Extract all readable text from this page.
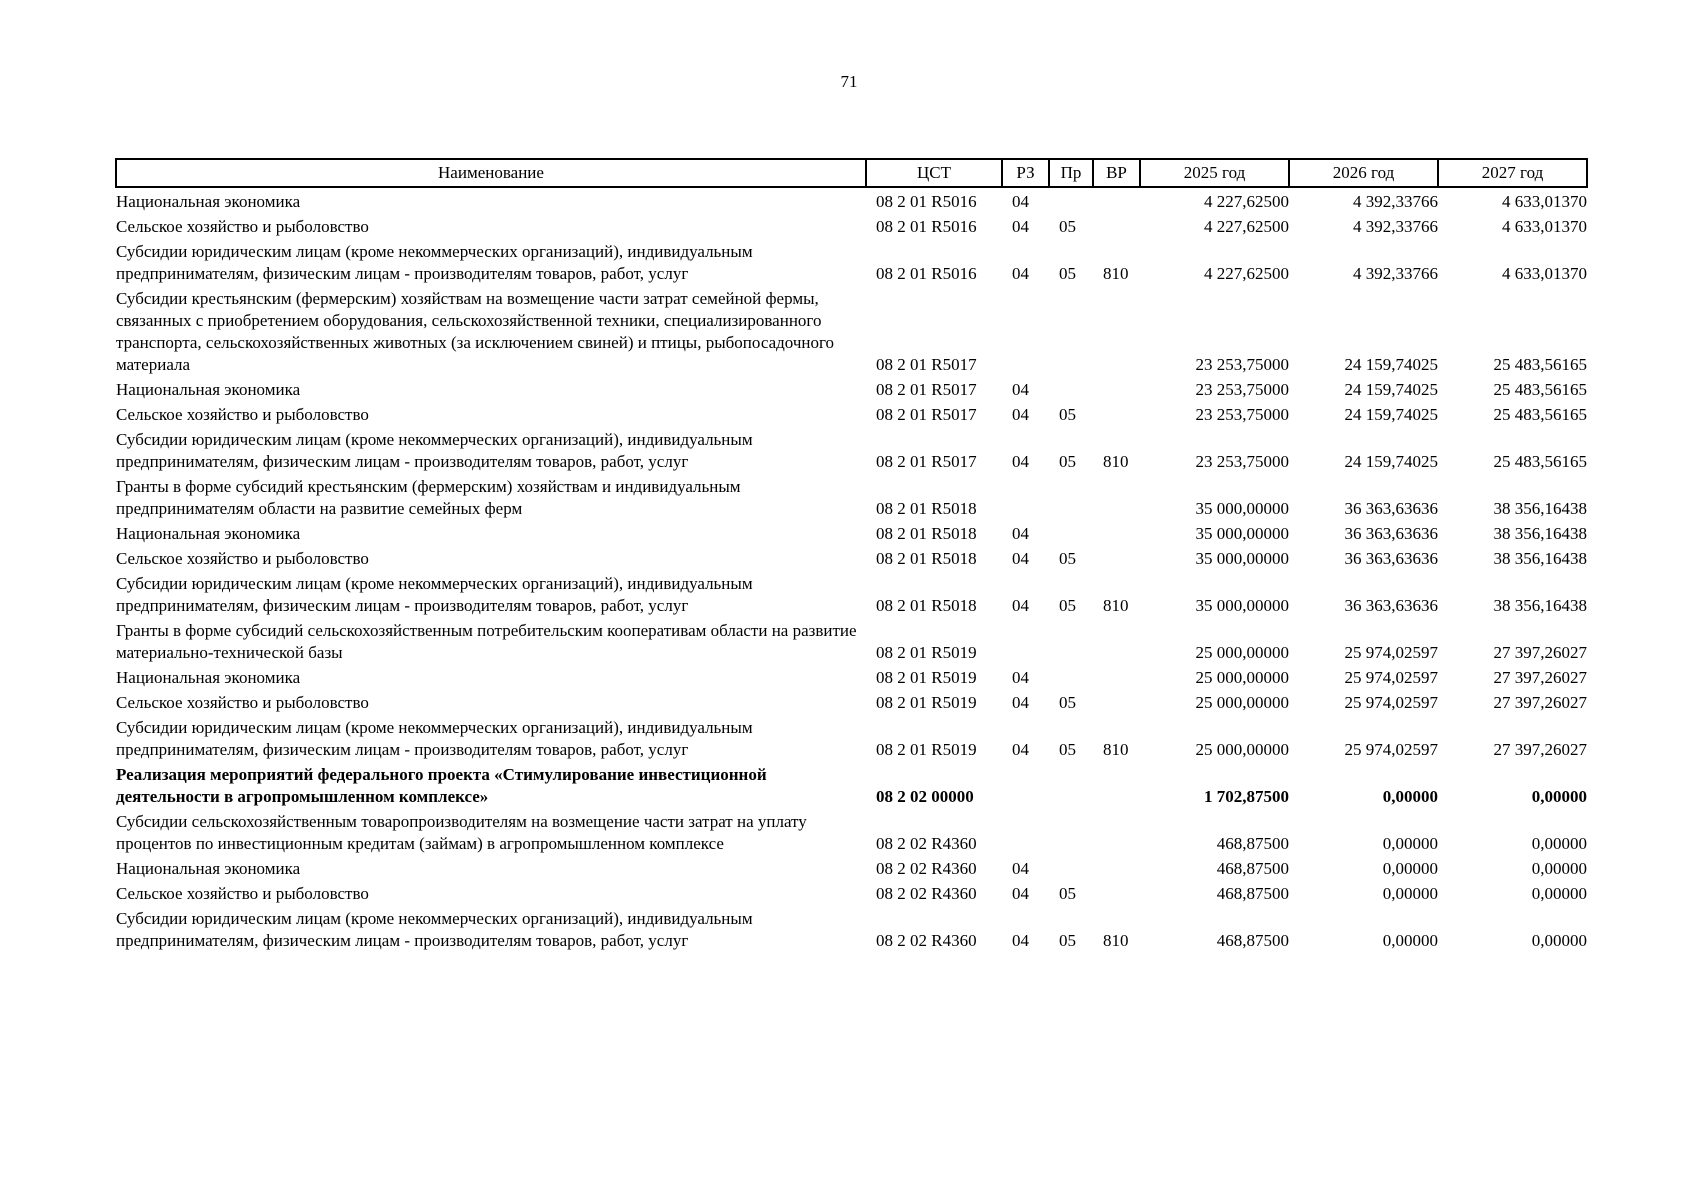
71
Наименование	ЦСТ	РЗ	Пр	ВР	2025 год	2026 год	2027 год
Национальная экономика	08 2 01 R5016	04			4 227,62500	4 392,33766	4 633,01370
Сельское хозяйство и рыболовство	08 2 01 R5016	04	05		4 227,62500	4 392,33766	4 633,01370
Субсидии юридическим лицам (кроме некоммерческих организаций), индивидуальным предпринимателям, физическим лицам - производителям товаров, работ, услуг	08 2 01 R5016	04	05	810	4 227,62500	4 392,33766	4 633,01370
Субсидии крестьянским (фермерским) хозяйствам на возмещение части затрат семейной фермы, связанных с приобретением оборудования, сельскохозяйственной техники, специализированного транспорта, сельскохозяйственных животных (за исключением свиней) и птицы, рыбопосадочного материала	08 2 01 R5017				23 253,75000	24 159,74025	25 483,56165
Национальная экономика	08 2 01 R5017	04			23 253,75000	24 159,74025	25 483,56165
Сельское хозяйство и рыболовство	08 2 01 R5017	04	05		23 253,75000	24 159,74025	25 483,56165
Субсидии юридическим лицам (кроме некоммерческих организаций), индивидуальным предпринимателям, физическим лицам - производителям товаров, работ, услуг	08 2 01 R5017	04	05	810	23 253,75000	24 159,74025	25 483,56165
Гранты в форме субсидий крестьянским (фермерским) хозяйствам и индивидуальным предпринимателям области на развитие семейных ферм	08 2 01 R5018				35 000,00000	36 363,63636	38 356,16438
Национальная экономика	08 2 01 R5018	04			35 000,00000	36 363,63636	38 356,16438
Сельское хозяйство и рыболовство	08 2 01 R5018	04	05		35 000,00000	36 363,63636	38 356,16438
Субсидии юридическим лицам (кроме некоммерческих организаций), индивидуальным предпринимателям, физическим лицам - производителям товаров, работ, услуг	08 2 01 R5018	04	05	810	35 000,00000	36 363,63636	38 356,16438
Гранты в форме субсидий сельскохозяйственным потребительским кооперативам области на развитие материально-технической базы	08 2 01 R5019				25 000,00000	25 974,02597	27 397,26027
Национальная экономика	08 2 01 R5019	04			25 000,00000	25 974,02597	27 397,26027
Сельское хозяйство и рыболовство	08 2 01 R5019	04	05		25 000,00000	25 974,02597	27 397,26027
Субсидии юридическим лицам (кроме некоммерческих организаций), индивидуальным предпринимателям, физическим лицам - производителям товаров, работ, услуг	08 2 01 R5019	04	05	810	25 000,00000	25 974,02597	27 397,26027
Реализация мероприятий федерального проекта «Стимулирование инвестиционной деятельности в агропромышленном комплексе»	08 2 02 00000				1 702,87500	0,00000	0,00000
Субсидии сельскохозяйственным товаропроизводителям на возмещение части затрат на уплату процентов по инвестиционным кредитам (займам) в агропромышленном комплексе	08 2 02 R4360				468,87500	0,00000	0,00000
Национальная экономика	08 2 02 R4360	04			468,87500	0,00000	0,00000
Сельское хозяйство и рыболовство	08 2 02 R4360	04	05		468,87500	0,00000	0,00000
Субсидии юридическим лицам (кроме некоммерческих организаций), индивидуальным предпринимателям, физическим лицам - производителям товаров, работ, услуг	08 2 02 R4360	04	05	810	468,87500	0,00000	0,00000
